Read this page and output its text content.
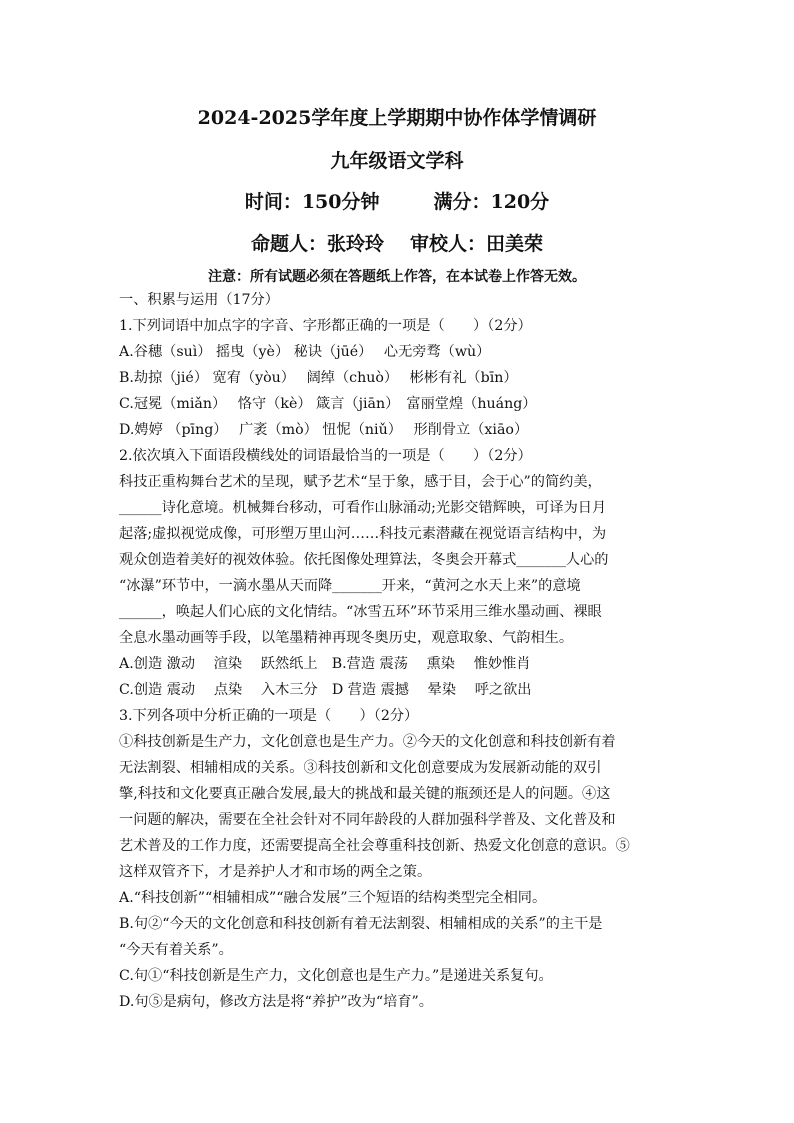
2024-2025学年度上学期期中协作体学情调研
九年级语文学科
时间：150分钟	满分：120分
命题人：张玲玲 审校人：田美荣
注意：所有试题必须在答题纸上作答，在本试卷上作答无效。
一、积累与运用（17分）
1.下列词语中加点字的字音、字形都正确的一项是（　　）（2分）
A.谷穗（suì） 摇曳（yè） 秘诀（jūé）　 心无旁骛（wù）
B.劫掠（jié） 宽宥（yòu）　 阔绰（chuò）　 彬彬有礼（bīn）
C.冠冕（miǎn）　 恪守（kè） 箴言（jiān）　富丽堂煌（huáng）
D.娉婷 （pīng）　 广袤（mò） 忸怩（niǔ）　 形削骨立（xiāo）
2.依次填入下面语段横线处的词语最恰当的一项是（　　）（2分）
科技正重构舞台艺术的呈现，赋予艺术“呈于象，感于目，会于心”的简约美，
______诗化意境。机械舞台移动，可看作山脉涌动;光影交错辉映，可译为日月
起落;虚拟视觉成像，可形塑万里山河……科技元素潜藏在视觉语言结构中，为
观众创造着美好的视效体验。依托图像处理算法，冬奥会开幕式_______人心的
“冰瀑”环节中，一滴水墨从天而降_______开来，“黄河之水天上来”的意境
______，唤起人们心底的文化情结。“冰雪五环”环节采用三维水墨动画、裸眼
全息水墨动画等手段，以笔墨精神再现冬奥历史，观意取象、气韵相生。
A.创造 激动　 渲染　 跃然纸上　B.营造 震荡　 熏染　 惟妙惟肖
C.创造 震动　 点染　 入木三分　D 营造 震撼　 晕染　 呼之欲出
3.下列各项中分析正确的一项是（　　）（2分）
①科技创新是生产力，文化创意也是生产力。②今天的文化创意和科技创新有着
无法割裂、相辅相成的关系。③科技创新和文化创意要成为发展新动能的双引
擎,科技和文化要真正融合发展,最大的挑战和最关键的瓶颈还是人的问题。④这
一问题的解决，需要在全社会针对不同年龄段的人群加强科学普及、文化普及和
艺术普及的工作力度，还需要提高全社会尊重科技创新、热爱文化创意的意识。⑤
这样双管齐下，才是养护人才和市场的两全之策。
A.“科技创新”“相辅相成”“融合发展”三个短语的结构类型完全相同。
B.句②“今天的文化创意和科技创新有着无法割裂、相辅相成的关系”的主干是
“今天有着关系”。
C.句①“科技创新是生产力，文化创意也是生产力。”是递进关系复句。
D.句⑤是病句，修改方法是将“养护”改为“培育”。
